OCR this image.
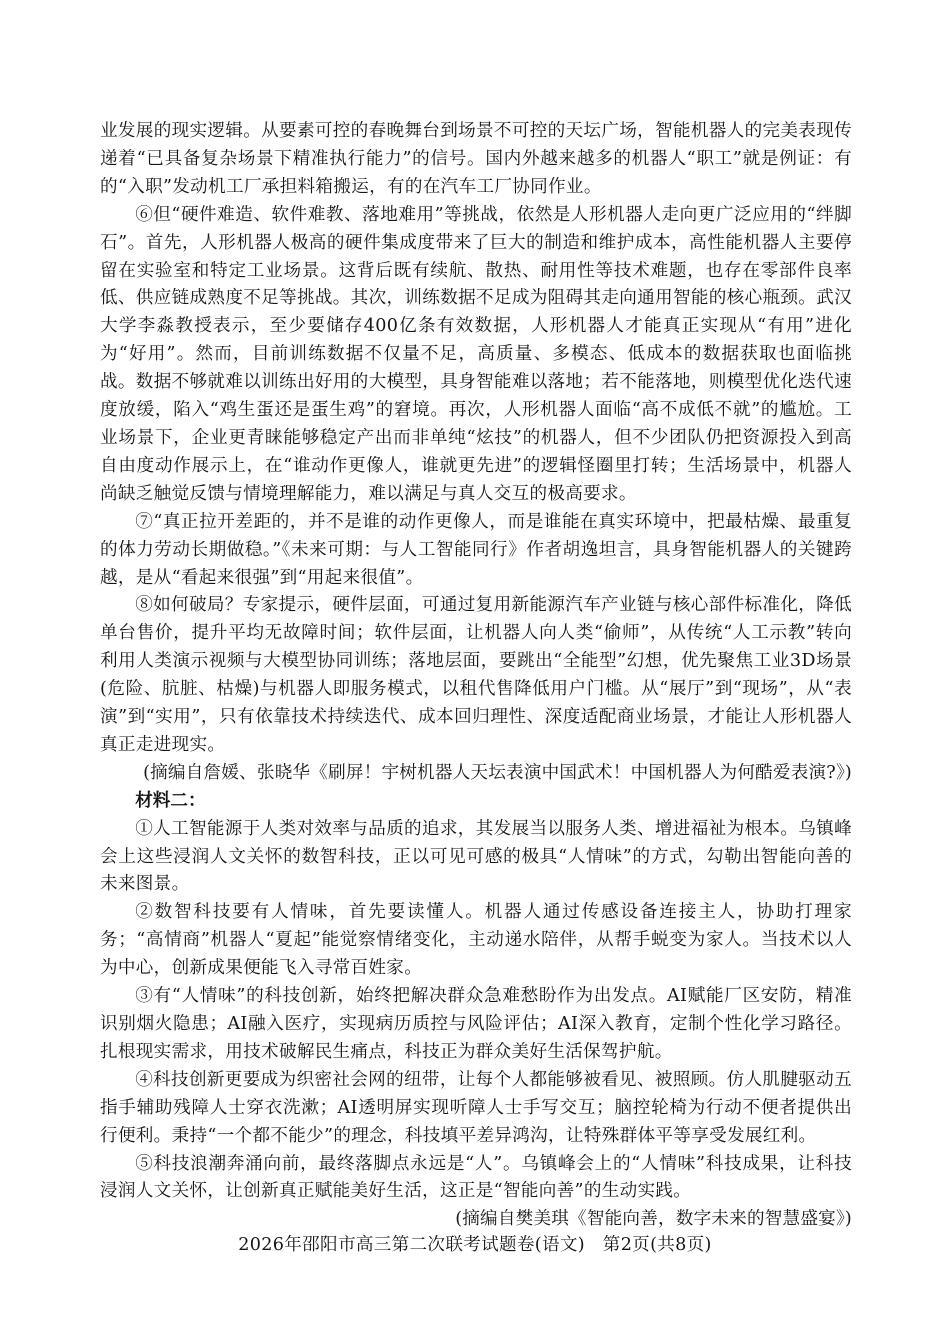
业发展的现实逻辑。从要素可控的春晚舞台到场景不可控的天坛广场，智能机器人的完美表现传递着“已具备复杂场景下精准执行能力”的信号。国内外越来越多的机器人“职工”就是例证：有的“入职”发动机工厂承担料箱搬运，有的在汽车工厂协同作业。

⑥但“硬件难造、软件难教、落地难用”等挑战，依然是人形机器人走向更广泛应用的“绊脚石”。首先，人形机器人极高的硬件集成度带来了巨大的制造和维护成本，高性能机器人主要停留在实验室和特定工业场景。这背后既有续航、散热、耐用性等技术难题，也存在零部件良率低、供应链成熟度不足等挑战。其次，训练数据不足成为阻碍其走向通用智能的核心瓶颈。武汉大学李淼教授表示，至少要储存400亿条有效数据，人形机器人才能真正实现从“有用”进化为“好用”。然而，目前训练数据不仅量不足，高质量、多模态、低成本的数据获取也面临挑战。数据不够就难以训练出好用的大模型，具身智能难以落地；若不能落地，则模型优化迭代速度放缓，陷入“鸡生蛋还是蛋生鸡”的窘境。再次，人形机器人面临“高不成低不就”的尴尬。工业场景下，企业更青睐能够稳定产出而非单纯“炫技”的机器人，但不少团队仍把资源投入到高自由度动作展示上，在“谁动作更像人，谁就更先进”的逻辑怪圈里打转；生活场景中，机器人尚缺乏触觉反馈与情境理解能力，难以满足与真人交互的极高要求。

⑦“真正拉开差距的，并不是谁的动作更像人，而是谁能在真实环境中，把最枯燥、最重复的体力劳动长期做稳。”《未来可期：与人工智能同行》作者胡逸坦言，具身智能机器人的关键跨越，是从“看起来很强”到“用起来很值”。

⑧如何破局？专家提示，硬件层面，可通过复用新能源汽车产业链与核心部件标准化，降低单台售价，提升平均无故障时间；软件层面，让机器人向人类“偷师”，从传统“人工示教”转向利用人类演示视频与大模型协同训练；落地层面，要跳出“全能型”幻想，优先聚焦工业3D场景(危险、肮脏、枯燥)与机器人即服务模式，以租代售降低用户门槛。从“展厅”到“现场”，从“表演”到“实用”，只有依靠技术持续迭代、成本回归理性、深度适配商业场景，才能让人形机器人真正走进现实。

(摘编自詹媛、张晓华《刷屏！宇树机器人天坛表演中国武术！中国机器人为何酷爱表演?》)

材料二：

①人工智能源于人类对效率与品质的追求，其发展当以服务人类、增进福祉为根本。乌镇峰会上这些浸润人文关怀的数智科技，正以可见可感的极具“人情味”的方式，勾勒出智能向善的未来图景。

②数智科技要有人情味，首先要读懂人。机器人通过传感设备连接主人，协助打理家务；“高情商”机器人“夏起”能觉察情绪变化，主动递水陪伴，从帮手蜕变为家人。当技术以人为中心，创新成果便能飞入寻常百姓家。

③有“人情味”的科技创新，始终把解决群众急难愁盼作为出发点。AI赋能厂区安防，精准识别烟火隐患；AI融入医疗，实现病历质控与风险评估；AI深入教育，定制个性化学习路径。扎根现实需求，用技术破解民生痛点，科技正为群众美好生活保驾护航。

④科技创新更要成为织密社会网的纽带，让每个人都能够被看见、被照顾。仿人肌腱驱动五指手辅助残障人士穿衣洗漱；AI透明屏实现听障人士手写交互；脑控轮椅为行动不便者提供出行便利。秉持“一个都不能少”的理念，科技填平差异鸿沟，让特殊群体平等享受发展红利。

⑤科技浪潮奔涌向前，最终落脚点永远是“人”。乌镇峰会上的“人情味”科技成果，让科技浸润人文关怀，让创新真正赋能美好生活，这正是“智能向善”的生动实践。

(摘编自樊美琪《智能向善，数字未来的智慧盛宴》)

2026年邵阳市高三第二次联考试题卷(语文)　第2页(共8页)
